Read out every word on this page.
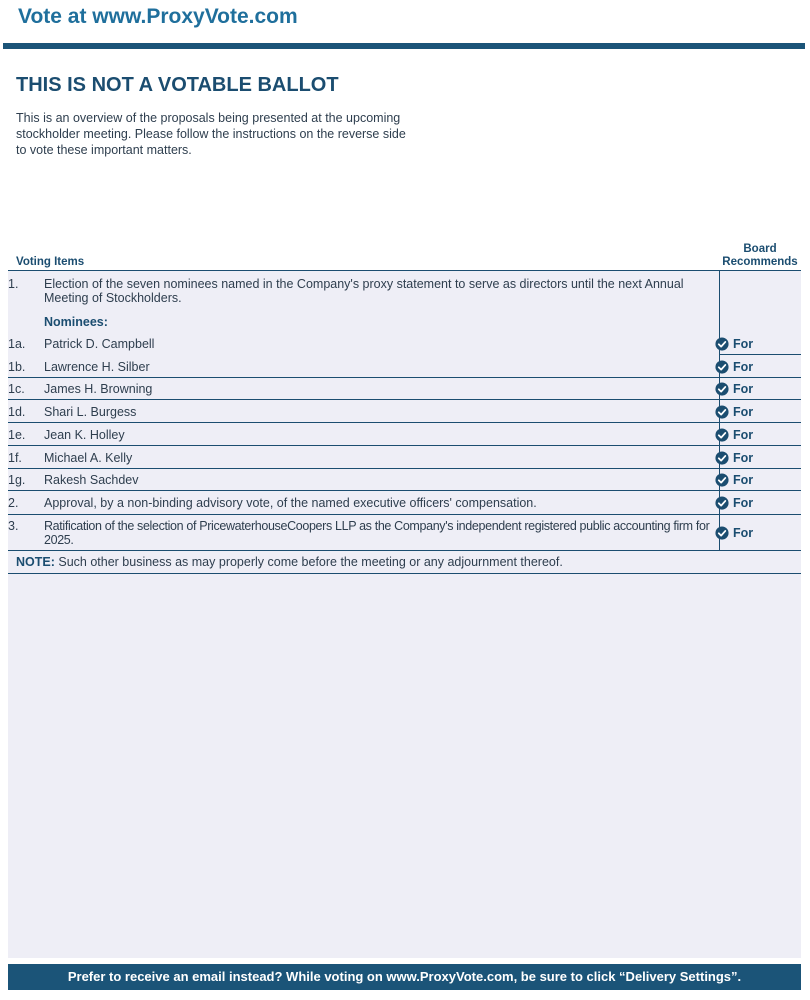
Vote at www.ProxyVote.com
THIS IS NOT A VOTABLE BALLOT
This is an overview of the proposals being presented at the upcoming stockholder meeting. Please follow the instructions on the reverse side to vote these important matters.
Voting Items
Board
Recommends
1. Election of the seven nominees named in the Company's proxy statement to serve as directors until the next Annual Meeting of Stockholders.
Nominees:
1a. Patrick D. Campbell	For
1b. Lawrence H. Silber	For
1c. James H. Browning	For
1d. Shari L. Burgess	For
1e. Jean K. Holley	For
1f. Michael A. Kelly	For
1g. Rakesh Sachdev	For
2. Approval, by a non-binding advisory vote, of the named executive officers' compensation.	For
3. Ratification of the selection of PricewaterhouseCoopers LLP as the Company's independent registered public accounting firm for 2025.	For
NOTE: Such other business as may properly come before the meeting or any adjournment thereof.
Prefer to receive an email instead? While voting on www.ProxyVote.com, be sure to click “Delivery Settings”.
